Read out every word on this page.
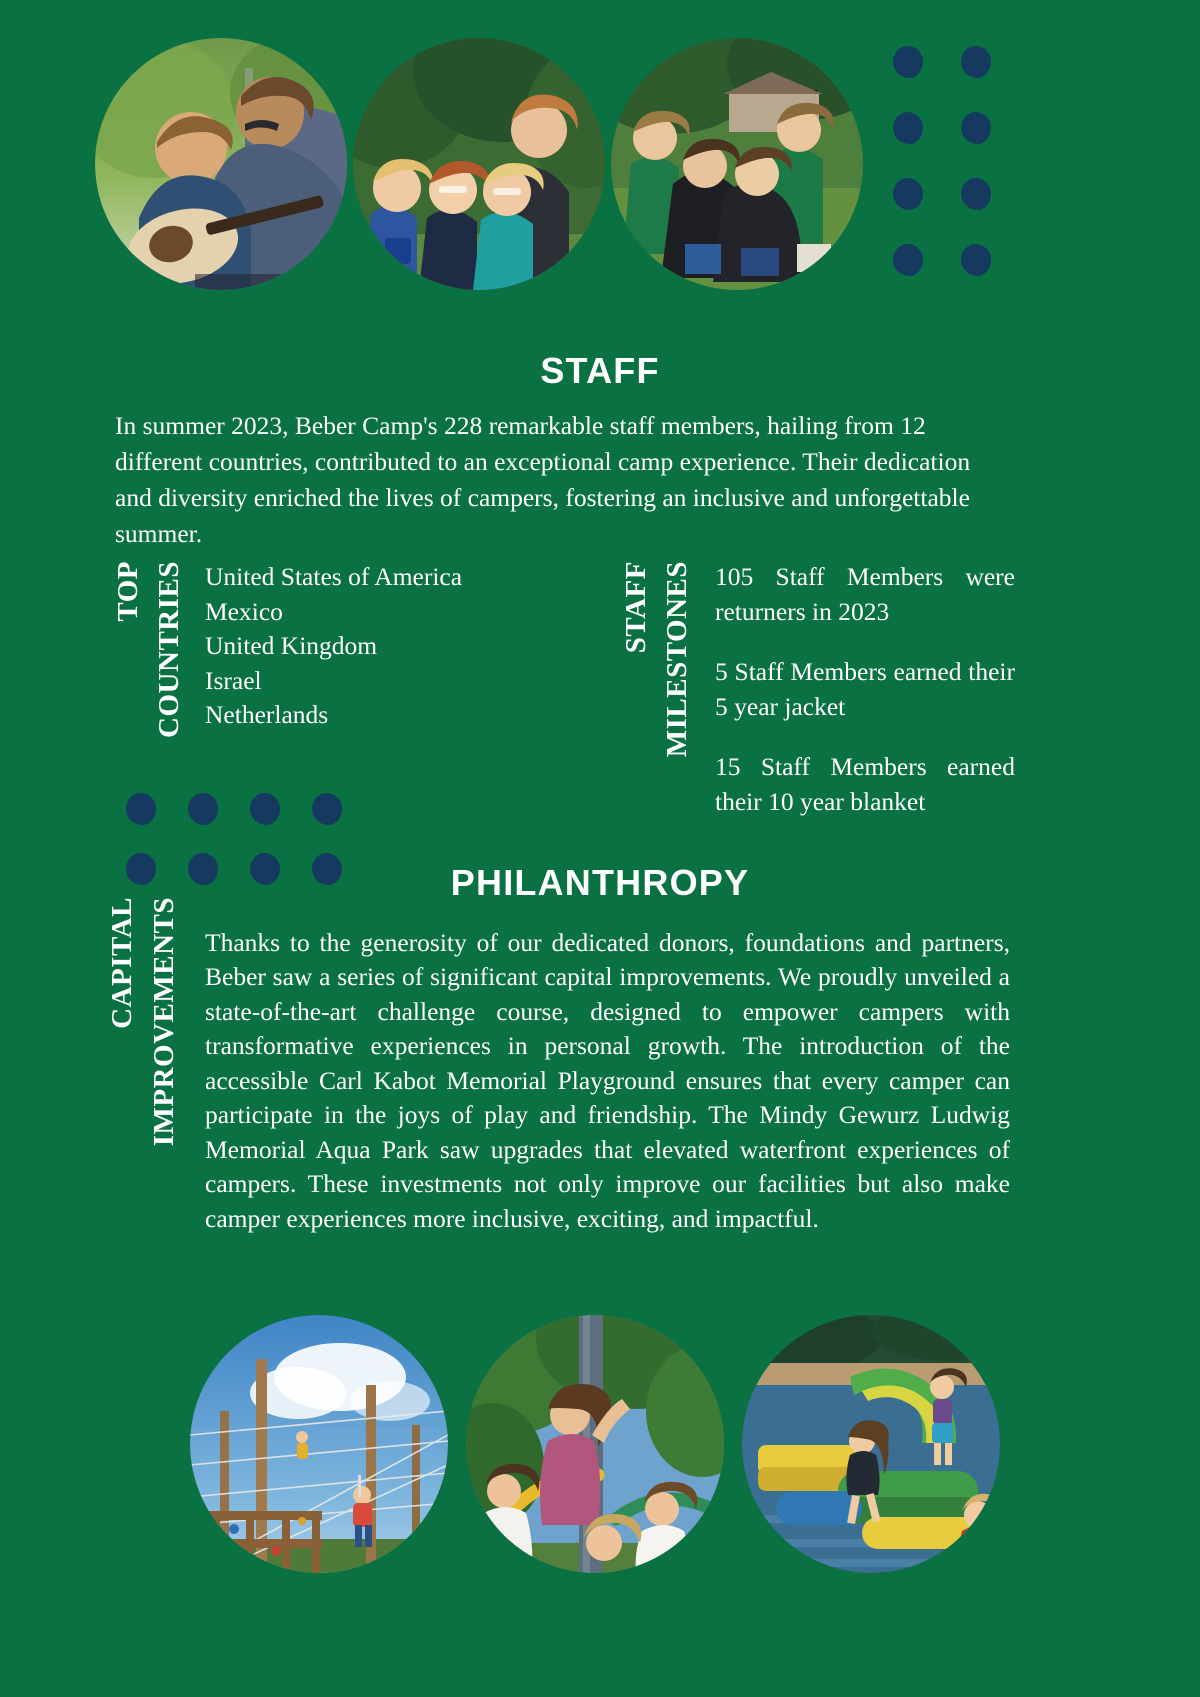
STAFF

In summer 2023, Beber Camp's 228 remarkable staff members, hailing from 12 different countries, contributed to an exceptional camp experience. Their dedication and diversity enriched the lives of campers, fostering an inclusive and unforgettable summer.

TOP COUNTRIES United States of America
Mexico
United Kingdom
Israel
Netherlands
STAFF MILESTONES 105 Staff Members were returners in 2023
5 Staff Members earned their 5 year jacket
15 Staff Members earned their 10 year blanket
PHILANTHROPY
CAPITAL IMPROVEMENTS Thanks to the generosity of our dedicated donors, foundations and partners, Beber saw a series of significant capital improvements. We proudly unveiled a state-of-the-art challenge course, designed to empower campers with transformative experiences in personal growth. The introduction of the accessible Carl Kabot Memorial Playground ensures that every camper can participate in the joys of play and friendship. The Mindy Gewurz Ludwig Memorial Aqua Park saw upgrades that elevated waterfront experiences of campers. These investments not only improve our facilities but also make camper experiences more inclusive, exciting, and impactful.
